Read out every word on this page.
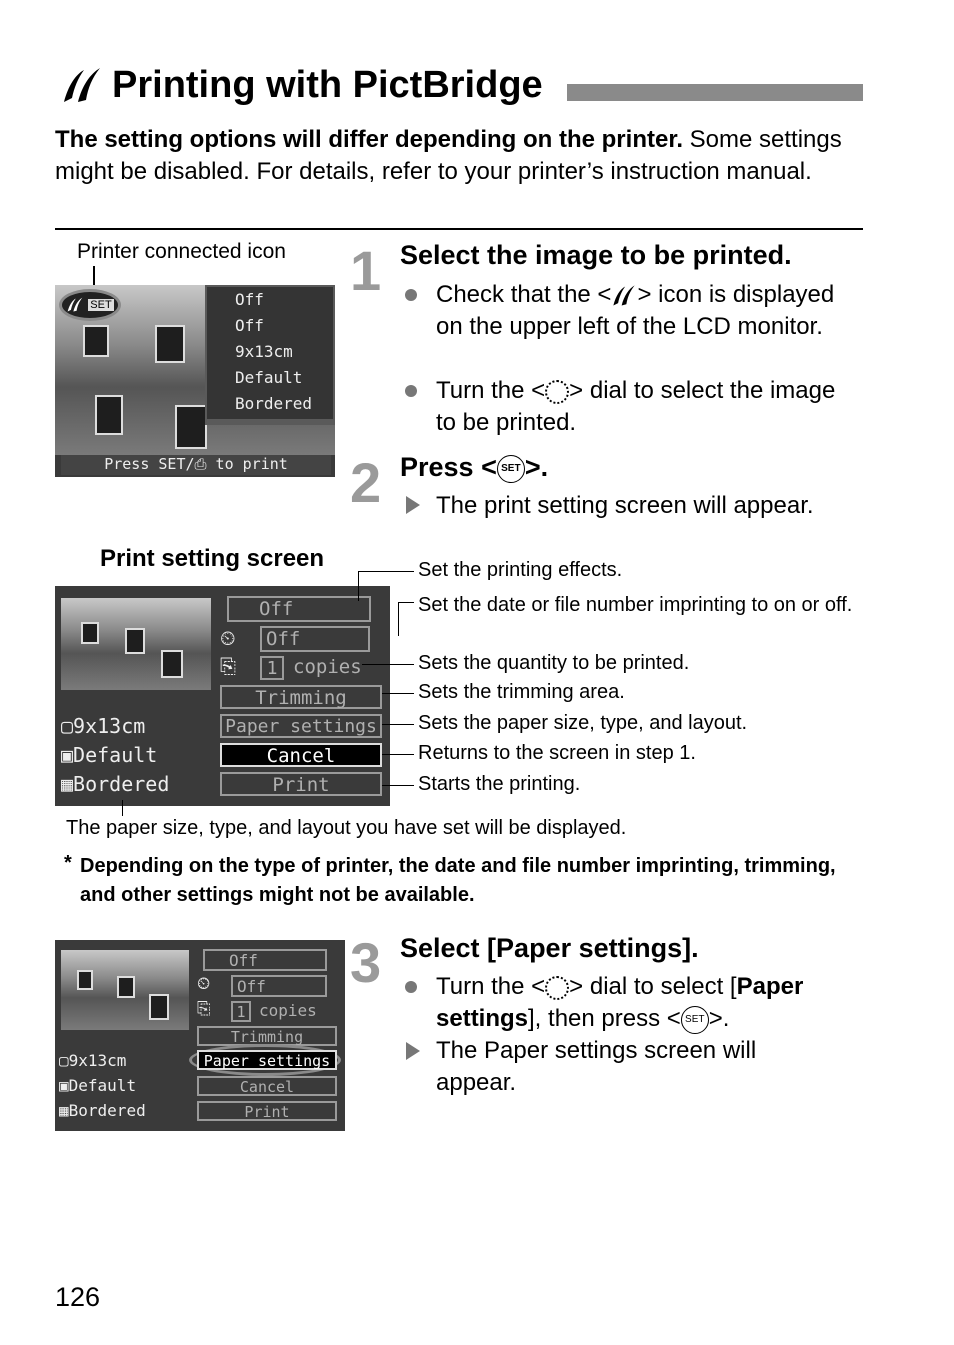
Printing with PictBridge
The setting options will differ depending on the printer. Some settings might be disabled. For details, refer to your printer’s instruction manual.
Printer connected icon
SET	Off
Off
9x13cm
Default
Bordered
Press SET/⎙ to print
1 Select the image to be printed.
Check that the < > icon is displayed on the upper left of the LCD monitor.
Turn the < > dial to select the image to be printed.
2 Press < SET >.
The print setting screen will appear.
Print setting screen
Off
⏲	Off
⎘	1 copies
Trimming
Paper settings
Cancel
Print
▢9x13cm
▣Default
▦Bordered
Set the printing effects.
Set the date or file number imprinting to on or off.
Sets the quantity to be printed.
Sets the trimming area.
Sets the paper size, type, and layout.
Returns to the screen in step 1.
Starts the printing.
The paper size, type, and layout you have set will be displayed.
* Depending on the type of printer, the date and file number imprinting, trimming, and other settings might not be available.
Off
⏲	Off
⎘	1 copies
Trimming
Paper settings
Cancel
Print
▢9x13cm
▣Default
▦Bordered
3 Select [Paper settings].
Turn the < > dial to select [Paper settings], then press < SET >.
The Paper settings screen will appear.
126
